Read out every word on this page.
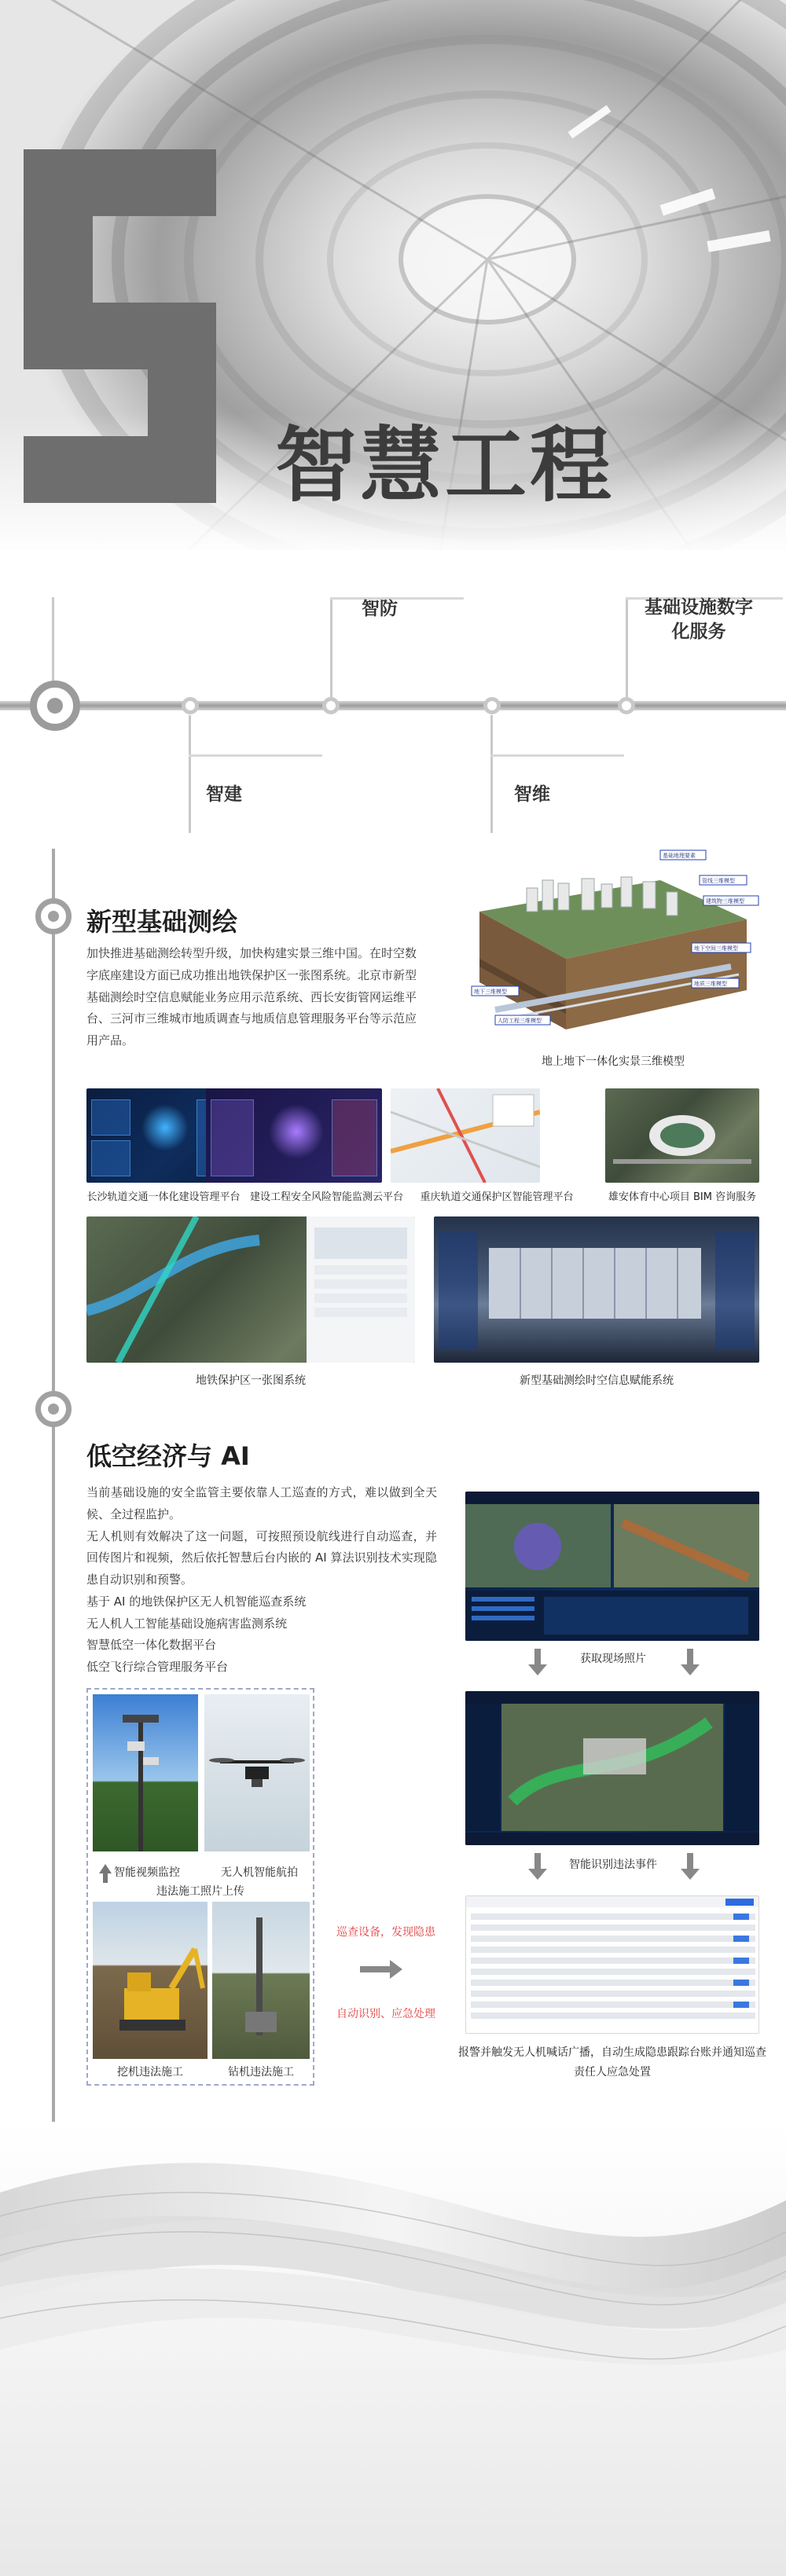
智慧工程
智建
智防
智维
基础设施数字
化服务
新型基础测绘
加快推进基础测绘转型升级，加快构建实景三维中国。在时空数字底座建设方面已成功推出地铁保护区一张图系统。北京市新型基础测绘时空信息赋能业务应用示范系统、西长安街管网运维平台、三河市三维城市地质调查与地质信息管理服务平台等示范应用产品。
基础地理要素
管线三维模型
建筑物三维模型
地下空间三维模型
地质三维模型
地下三维模型
人防工程三维模型
地上地下一体化实景三维模型
长沙轨道交通一体化建设管理平台 建设工程安全风险智能监测云平台	重庆轨道交通保护区智能管理平台	雄安体育中心项目 BIM 咨询服务
地铁保护区一张图系统	新型基础测绘时空信息赋能系统
低空经济与 AI

当前基础设施的安全监管主要依靠人工巡查的方式，难以做到全天候、全过程监护。

无人机则有效解决了这一问题，可按照预设航线进行自动巡查，并回传图片和视频，然后依托智慧后台内嵌的 AI 算法识别技术实现隐患自动识别和预警。

基于 AI 的地铁保护区无人机智能巡查系统

无人机人工智能基础设施病害监测系统

智慧低空一体化数据平台

低空飞行综合管理服务平台

获取现场照片
智能识别违法事件
报警并触发无人机喊话广播，自动生成隐患跟踪台账并通知巡查责任人应急处置
智能视频监控	无人机智能航拍
违法施工照片上传
挖机违法施工	钻机违法施工
巡查设备，发现隐患
自动识别、应急处理
